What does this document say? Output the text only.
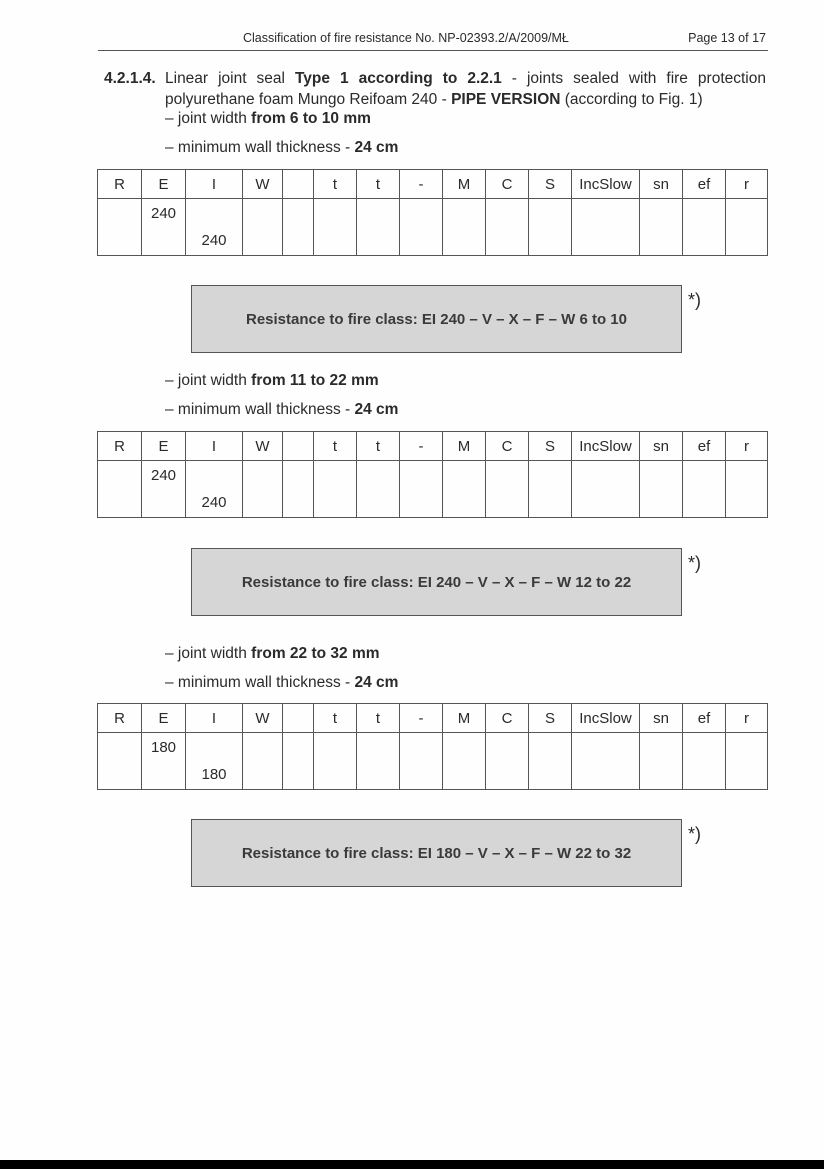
Classification of fire resistance No. NP-02393.2/A/2009/MŁ	Page 13 of 17
4.2.1.4. Linear joint seal Type 1 according to 2.2.1 - joints sealed with fire protection polyurethane foam Mungo Reifoam 240 - PIPE VERSION (according to Fig. 1)
– joint width from 6 to 10 mm
– minimum wall thickness - 24 cm
R	E	I	W		t	t	-	M	C	S	IncSlow	sn	ef	r

	240	240												

Resistance to fire class: EI 240 – V – X – F – W 6 to 10
*)
– joint width from 11 to 22 mm
– minimum wall thickness - 24 cm
R	E	I	W		t	t	-	M	C	S	IncSlow	sn	ef	r

	240	240												

Resistance to fire class: EI 240 – V – X – F – W 12 to 22
*)
– joint width from 22 to 32 mm
– minimum wall thickness - 24 cm
R	E	I	W		t	t	-	M	C	S	IncSlow	sn	ef	r

	180	180												

Resistance to fire class: EI 180 – V – X – F – W 22 to 32
*)
